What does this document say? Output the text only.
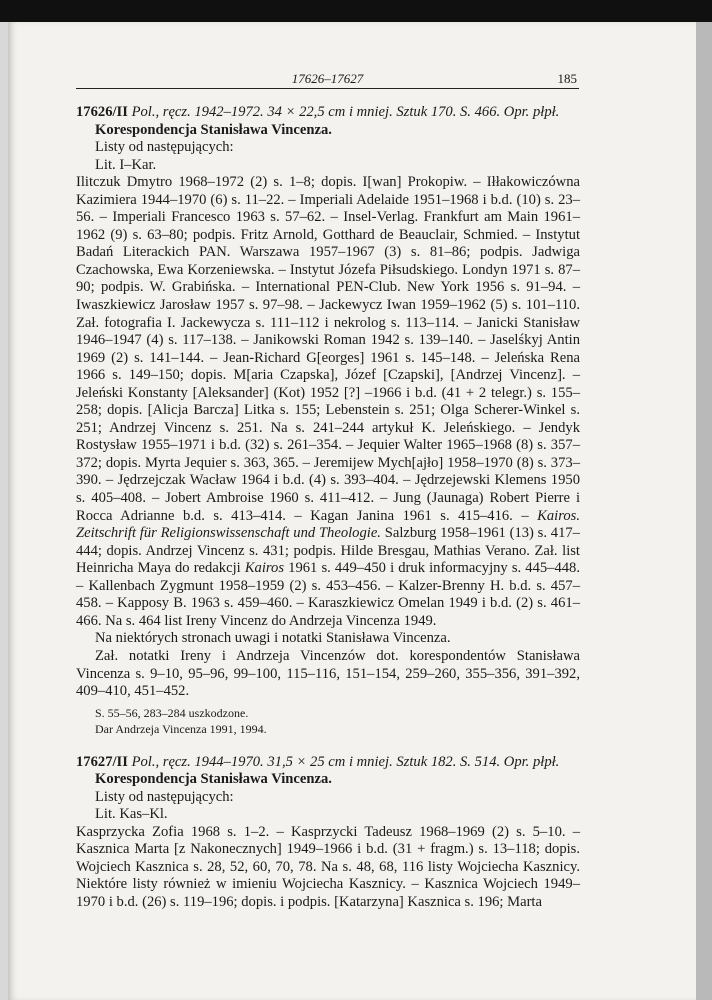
17626–17627	185

17626/II Pol., ręcz. 1942–1972. 34 × 22,5 cm i mniej. Sztuk 170. S. 466. Opr. płpł.

Korespondencja Stanisława Vincenza.

Listy od następujących:

Lit. I–Kar.

Ilitczuk Dmytro 1968–1972 (2) s. 1–8; dopis. I[wan] Prokopiw. – Iłłakowiczówna Kazimiera 1944–1970 (6) s. 11–22. – Imperiali Adelaide 1951–1968 i b.d. (10) s. 23–56. – Imperiali Francesco 1963 s. 57–62. – Insel-Verlag. Frankfurt am Main 1961–1962 (9) s. 63–80; podpis. Fritz Arnold, Gotthard de Beauclair, Schmied. – Instytut Badań Literackich PAN. Warszawa 1957–1967 (3) s. 81–86; podpis. Jadwiga Czachowska, Ewa Korzeniewska. – Instytut Józefa Piłsudskiego. Londyn 1971 s. 87–90; podpis. W. Grabińska. – International PEN-Club. New York 1956 s. 91–94. – Iwaszkiewicz Jarosław 1957 s. 97–98. – Jackewycz Iwan 1959–1962 (5) s. 101–110. Zał. fotografia I. Jackewycza s. 111–112 i nekrolog s. 113–114. – Janicki Stanisław 1946–1947 (4) s. 117–138. – Janikowski Roman 1942 s. 139–140. – Jaselśkyj Antin 1969 (2) s. 141–144. – Jean-Richard G[eorges] 1961 s. 145–148. – Jeleńska Rena 1966 s. 149–150; dopis. M[aria Czapska], Józef [Czapski], [Andrzej Vincenz]. – Jeleński Konstanty [Aleksander] (Kot) 1952 [?] –1966 i b.d. (41 + 2 telegr.) s. 155–258; dopis. [Alicja Barcza] Litka s. 155; Lebenstein s. 251; Olga Scherer-Winkel s. 251; Andrzej Vincenz s. 251. Na s. 241–244 artykuł K. Jeleńskiego. – Jendyk Rostysław 1955–1971 i b.d. (32) s. 261–354. – Jequier Walter 1965–1968 (8) s. 357–372; dopis. Myrta Jequier s. 363, 365. – Jeremijew Mych[ajło] 1958–1970 (8) s. 373–390. – Jędrzejczak Wacław 1964 i b.d. (4) s. 393–404. – Jędrzejewski Klemens 1950 s. 405–408. – Jobert Ambroise 1960 s. 411–412. – Jung (Jaunaga) Robert Pierre i Rocca Adrianne b.d. s. 413–414. – Kagan Janina 1961 s. 415–416. – Kairos. Zeitschrift für Religionswissenschaft und Theologie. Salzburg 1958–1961 (13) s. 417–444; dopis. Andrzej Vincenz s. 431; podpis. Hilde Bresgau, Mathias Verano. Zał. list Heinricha Maya do redakcji Kairos 1961 s. 449–450 i druk informacyjny s. 445–448. – Kallenbach Zygmunt 1958–1959 (2) s. 453–456. – Kalzer-Brenny H. b.d. s. 457–458. – Kapposy B. 1963 s. 459–460. – Karaszkiewicz Omelan 1949 i b.d. (2) s. 461–466. Na s. 464 list Ireny Vincenz do Andrzeja Vincenza 1949.

Na niektórych stronach uwagi i notatki Stanisława Vincenza.

Zał. notatki Ireny i Andrzeja Vincenzów dot. korespondentów Stanisława Vincenza s. 9–10, 95–96, 99–100, 115–116, 151–154, 259–260, 355–356, 391–392, 409–410, 451–452.

S. 55–56, 283–284 uszkodzone.

Dar Andrzeja Vincenza 1991, 1994.

17627/II Pol., ręcz. 1944–1970. 31,5 × 25 cm i mniej. Sztuk 182. S. 514. Opr. płpł.

Korespondencja Stanisława Vincenza.

Listy od następujących:

Lit. Kas–Kl.

Kasprzycka Zofia 1968 s. 1–2. – Kasprzycki Tadeusz 1968–1969 (2) s. 5–10. – Kasznica Marta [z Nakonecznych] 1949–1966 i b.d. (31 + fragm.) s. 13–118; dopis. Wojciech Kasznica s. 28, 52, 60, 70, 78. Na s. 48, 68, 116 listy Wojciecha Kasznicy. Niektóre listy również w imieniu Wojciecha Kasznicy. – Kasznica Wojciech 1949–1970 i b.d. (26) s. 119–196; dopis. i podpis. [Katarzyna] Kasznica s. 196; Marta
